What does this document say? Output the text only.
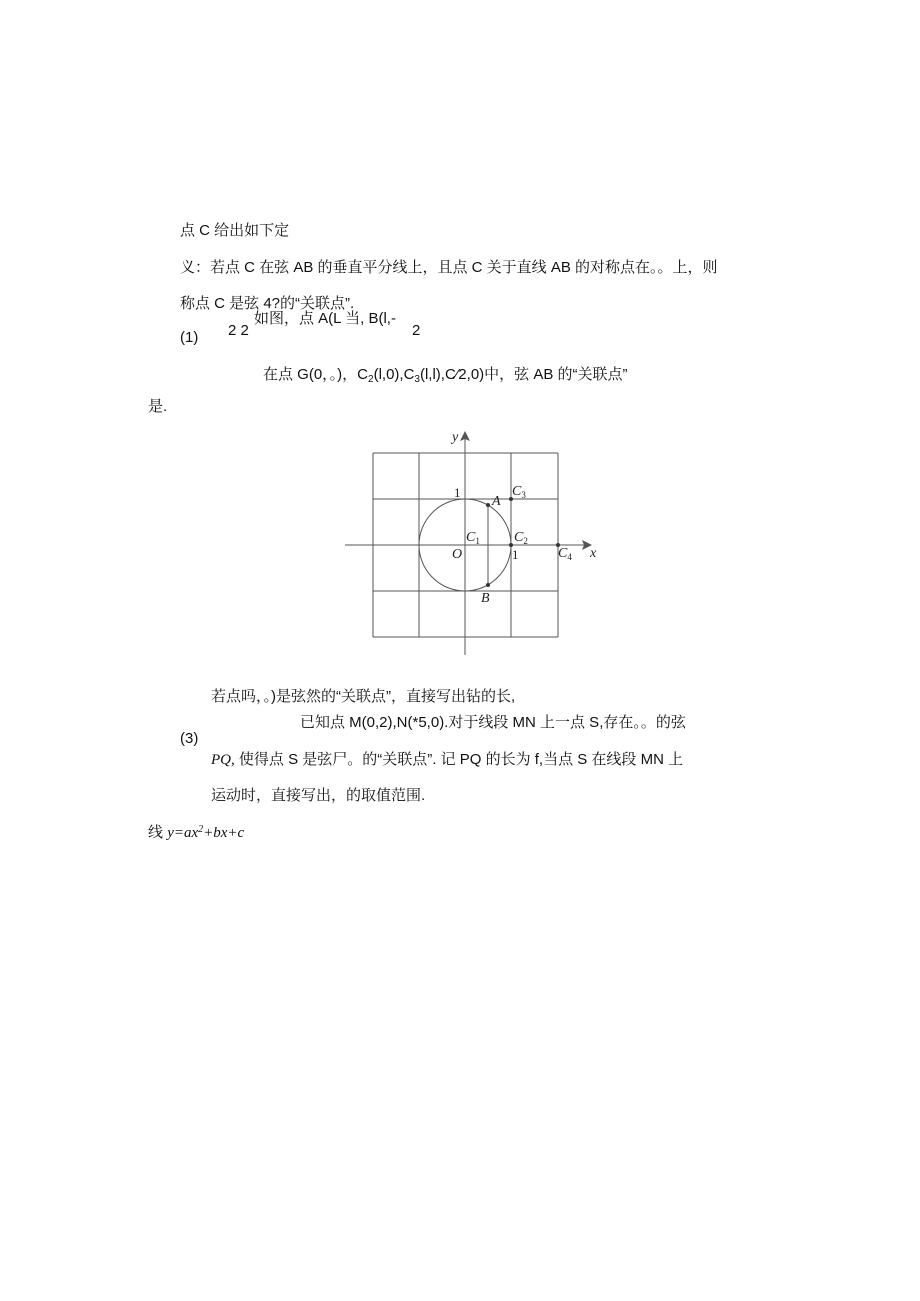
点 C 给出如下定
义：若点 C 在弦 AB 的垂直平分线上，且点 C 关于直线 AB 的对称点在。。上，则
称点 C 是弦 4?的“关联点”.
(1) 2 2
如图，点 A(L 当, B(l,-
2
在点 G(0，。)，$C_2(l,0),C_3(l,l),C⁄2,0$)中，弦 AB 的“关联点”
是.
y
x
O
A
B
$C_1$ $C_2$
$C_3$
$C_4$
1
1
若点吗，。)是弦然的“关联点”，直接写出钻的长,
已知点 M(0,2),N(*5,0).对于线段 MN 上一点 S,存在。。的弦
(3)
PQ, 使得点 S 是弦尸。的“关联点”. 记 PQ 的长为 f,当点 S 在线段 MN 上
运动时，直接写出，的取值范围.
线 $y=ax^2+bx+c$
